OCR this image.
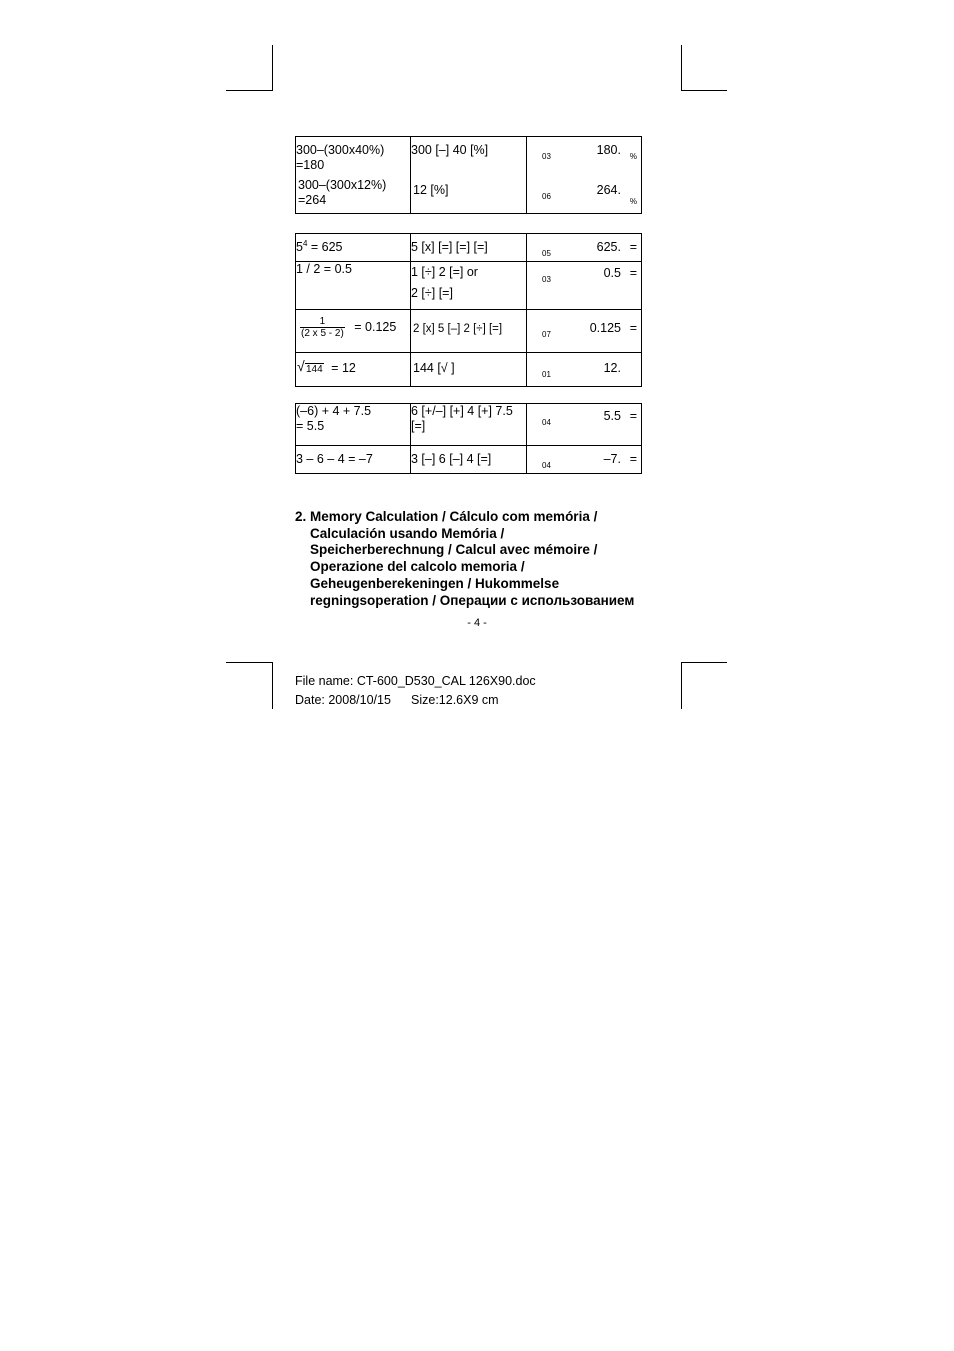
300–(300x40%)
=180	300 [–] 40 [%]	03 180. %

300–(300x12%)
=264	12 [%]	06 264.
%
$5^4 = 625$	5 [x] [=] [=] [=]	05 625. =

1 / 2 = 0.5	1 [÷] 2 [=] or
2 [÷] [=]	03 0.5 =

$\frac{1}{(2 x 5 - 2)} = 0.125$	2 [x] 5 [–] 2 [÷] [=]	07 0.125 =

√ 144 = 12	144 [√ ]	01 12.
(–6) + 4 + 7.5
= 5.5	6 [+/–] [+] 4 [+] 7.5
[=]	04 5.5 =

3 – 6 – 4 = –7	3 [–] 6 [–] 4 [=]	04 –7. =
2. Memory Calculation / Cálculo com memória /
Calculación usando Memória /
Speicherberechnung / Calcul avec mémoire /
Operazione del calcolo memoria /
Geheugenberekeningen / Hukommelse
regningsoperation / Операции с использованием
- 4 -
File name: CT-600_D530_CAL 126X90.doc
Date: 2008/10/15 Size:12.6X9 cm
